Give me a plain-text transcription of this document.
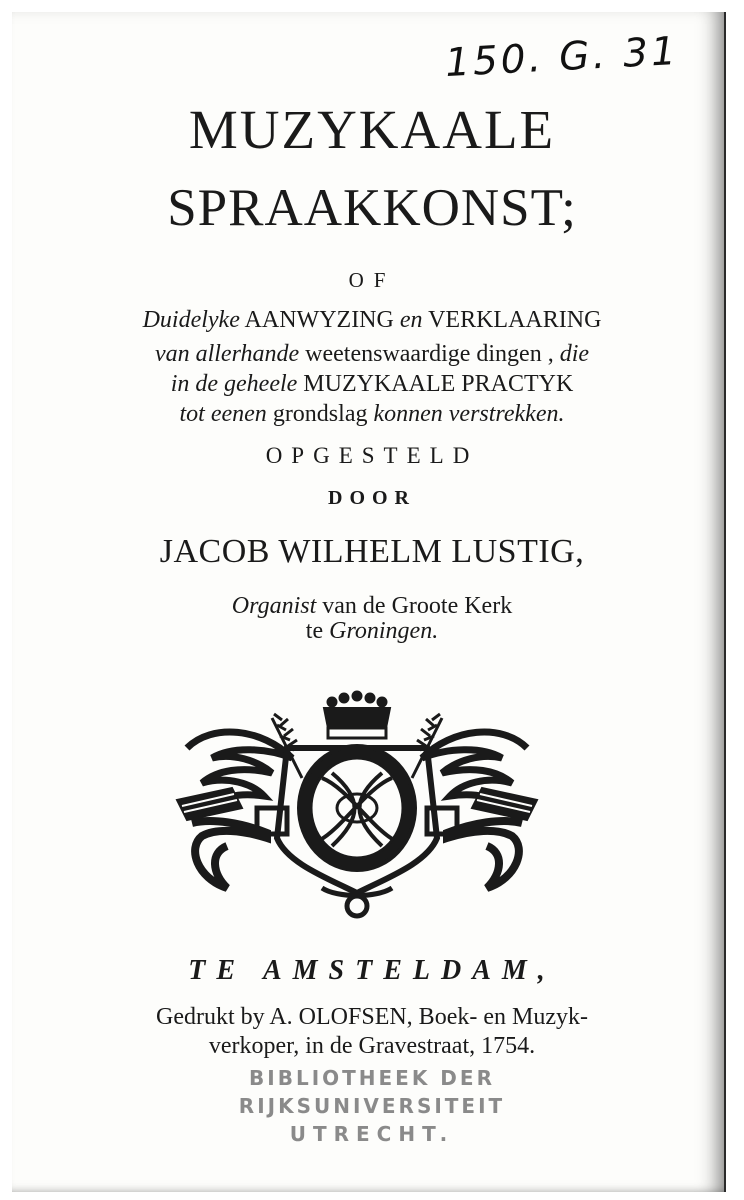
150. G. 31
MUZYKAALE
SPRAAKKONST;
OF
Duidelyke AANWYZING en VERKLAARING
van allerhande weetenswaardige dingen , die
in de geheele MUZYKAALE PRACTYK
tot eenen grondslag konnen verstrekken.
OPGESTELD
DOOR
JACOB WILHELM LUSTIG,
Organist van de Groote Kerk
te Groningen.
TE AMSTELDAM,
Gedrukt by A. OLOFSEN, Boek- en Muzyk-
verkoper, in de Gravestraat, 1754.
BIBLIOTHEEK DER
RIJKSUNIVERSITEIT
UTRECHT.
